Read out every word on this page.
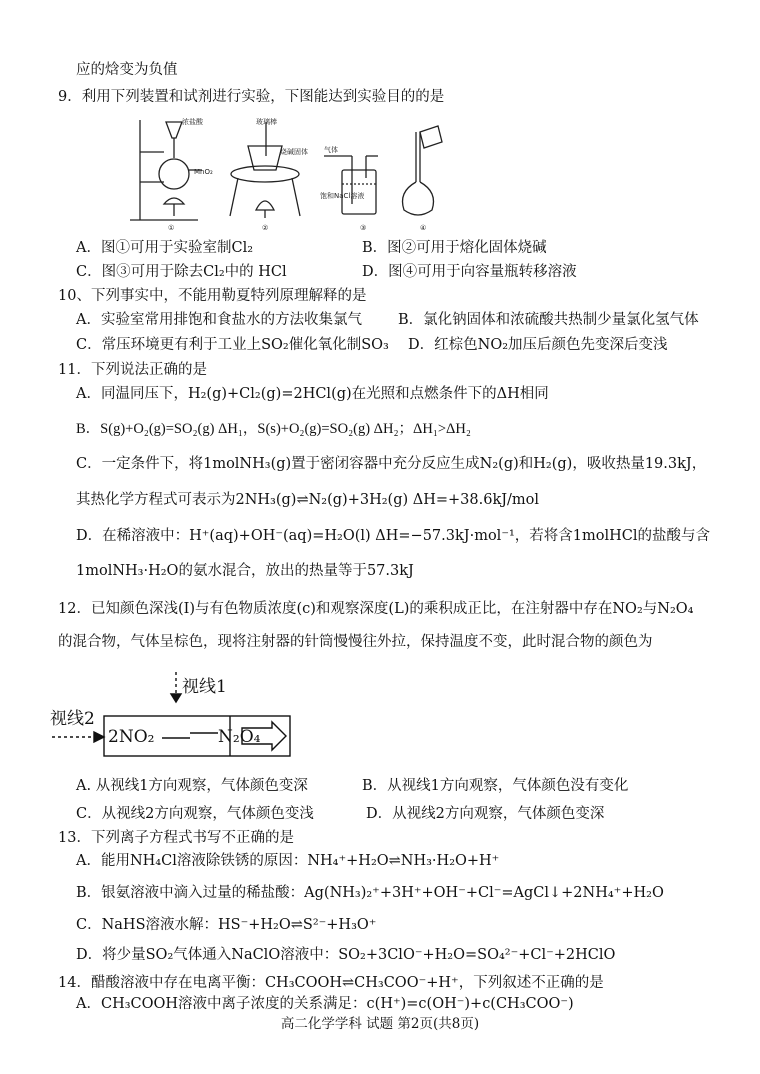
应的焓变为负值
9．利用下列装置和试剂进行实验，下图能达到实验目的的是
浓盐酸
MnO₂
玻璃棒
烧碱固体 气体
饱和NaCl溶液
①	②	③	④
A．图①可用于实验室制Cl₂	B．图②可用于熔化固体烧碱
C．图③可用于除去Cl₂中的 HCl	D．图④可用于向容量瓶转移溶液
10、下列事实中，不能用勒夏特列原理解释的是
A．实验室常用排饱和食盐水的方法收集氯气 B．氯化钠固体和浓硫酸共热制少量氯化氢气体
C．常压环境更有利于工业上SO₂催化氧化制SO₃ D．红棕色NO₂加压后颜色先变深后变浅
11．下列说法正确的是
A．同温同压下，H₂(g)+Cl₂(g)=2HCl(g)在光照和点燃条件下的ΔH相同
B．S(g)+O₂(g)=SO₂(g) ΔH₁，S(s)+O₂(g)=SO₂(g) ΔH₂；ΔH₁>ΔH₂
C．一定条件下，将1molNH₃(g)置于密闭容器中充分反应生成N₂(g)和H₂(g)，吸收热量19.3kJ，
其热化学方程式可表示为2NH₃(g)⇌N₂(g)+3H₂(g) ΔH=+38.6kJ/mol
D．在稀溶液中：H⁺(aq)+OH⁻(aq)=H₂O(l) ΔH=−57.3kJ·mol⁻¹，若将含1molHCl的盐酸与含
1molNH₃·H₂O的氨水混合，放出的热量等于57.3kJ
12．已知颜色深浅(Ⅰ)与有色物质浓度(c)和观察深度(L)的乘积成正比，在注射器中存在NO₂与N₂O₄
的混合物，气体呈棕色，现将注射器的针筒慢慢往外拉，保持温度不变，此时混合物的颜色为
视线1
视线2
2NO₂	N₂O₄
A. 从视线1方向观察，气体颜色变深	B．从视线1方向观察，气体颜色没有变化
C．从视线2方向观察，气体颜色变浅	D．从视线2方向观察，气体颜色变深
13．下列离子方程式书写不正确的是
A．能用NH₄Cl溶液除铁锈的原因：NH₄⁺+H₂O⇌NH₃·H₂O+H⁺
B．银氨溶液中滴入过量的稀盐酸：Ag(NH₃)₂⁺+3H⁺+OH⁻+Cl⁻=AgCl↓+2NH₄⁺+H₂O
C．NaHS溶液水解：HS⁻+H₂O⇌S²⁻+H₃O⁺
D．将少量SO₂气体通入NaClO溶液中：SO₂+3ClO⁻+H₂O=SO₄²⁻+Cl⁻+2HClO
14．醋酸溶液中存在电离平衡：CH₃COOH⇌CH₃COO⁻+H⁺，下列叙述不正确的是
A．CH₃COOH溶液中离子浓度的关系满足：c(H⁺)=c(OH⁻)+c(CH₃COO⁻)
高二化学学科 试题 第2页(共8页)
